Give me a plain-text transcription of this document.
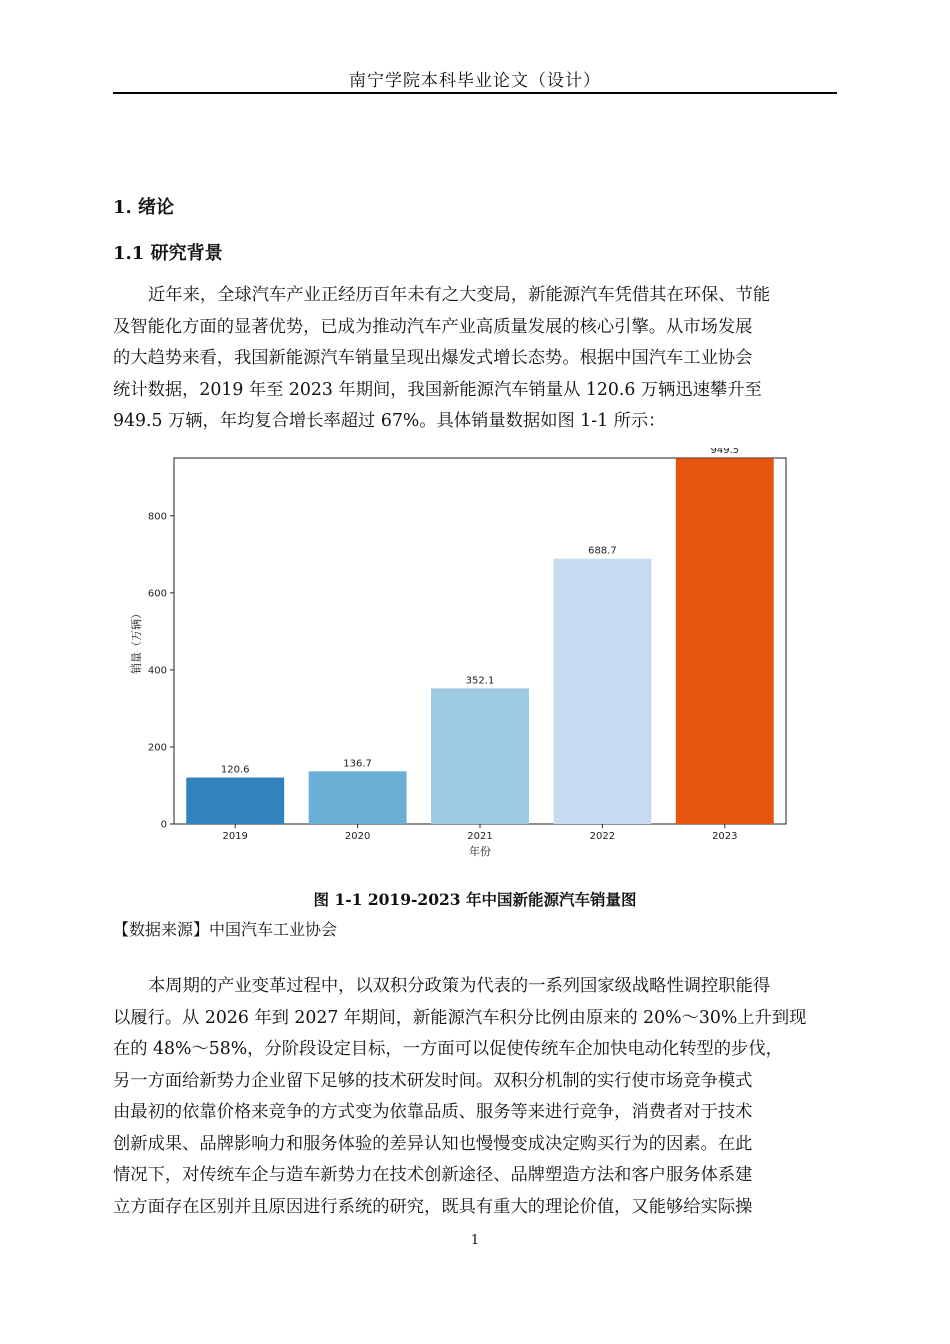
南宁学院本科毕业论文（设计）
1. 绪论
1.1 研究背景
近年来，全球汽车产业正经历百年未有之大变局，新能源汽车凭借其在环保、节能
及智能化方面的显著优势，已成为推动汽车产业高质量发展的核心引擎。从市场发展
的大趋势来看，我国新能源汽车销量呈现出爆发式增长态势。根据中国汽车工业协会
统计数据，2019 年至 2023 年期间，我国新能源汽车销量从 120.6 万辆迅速攀升至
949.5 万辆，年均复合增长率超过 67%。具体销量数据如图 1-1 所示：
120.6
136.7
352.1
688.7
949.5
0
200
400
600
800
2019	2020	2021	2022	2023
年份
销量（万辆）
图 1-1 2019-2023 年中国新能源汽车销量图
【数据来源】中国汽车工业协会
本周期的产业变革过程中，以双积分政策为代表的一系列国家级战略性调控职能得
以履行。从 2026 年到 2027 年期间，新能源汽车积分比例由原来的 20%～30%上升到现
在的 48%～58%，分阶段设定目标，一方面可以促使传统车企加快电动化转型的步伐，
另一方面给新势力企业留下足够的技术研发时间。双积分机制的实行使市场竞争模式
由最初的依靠价格来竞争的方式变为依靠品质、服务等来进行竞争，消费者对于技术
创新成果、品牌影响力和服务体验的差异认知也慢慢变成决定购买行为的因素。在此
情况下，对传统车企与造车新势力在技术创新途径、品牌塑造方法和客户服务体系建
立方面存在区别并且原因进行系统的研究，既具有重大的理论价值，又能够给实际操
1
